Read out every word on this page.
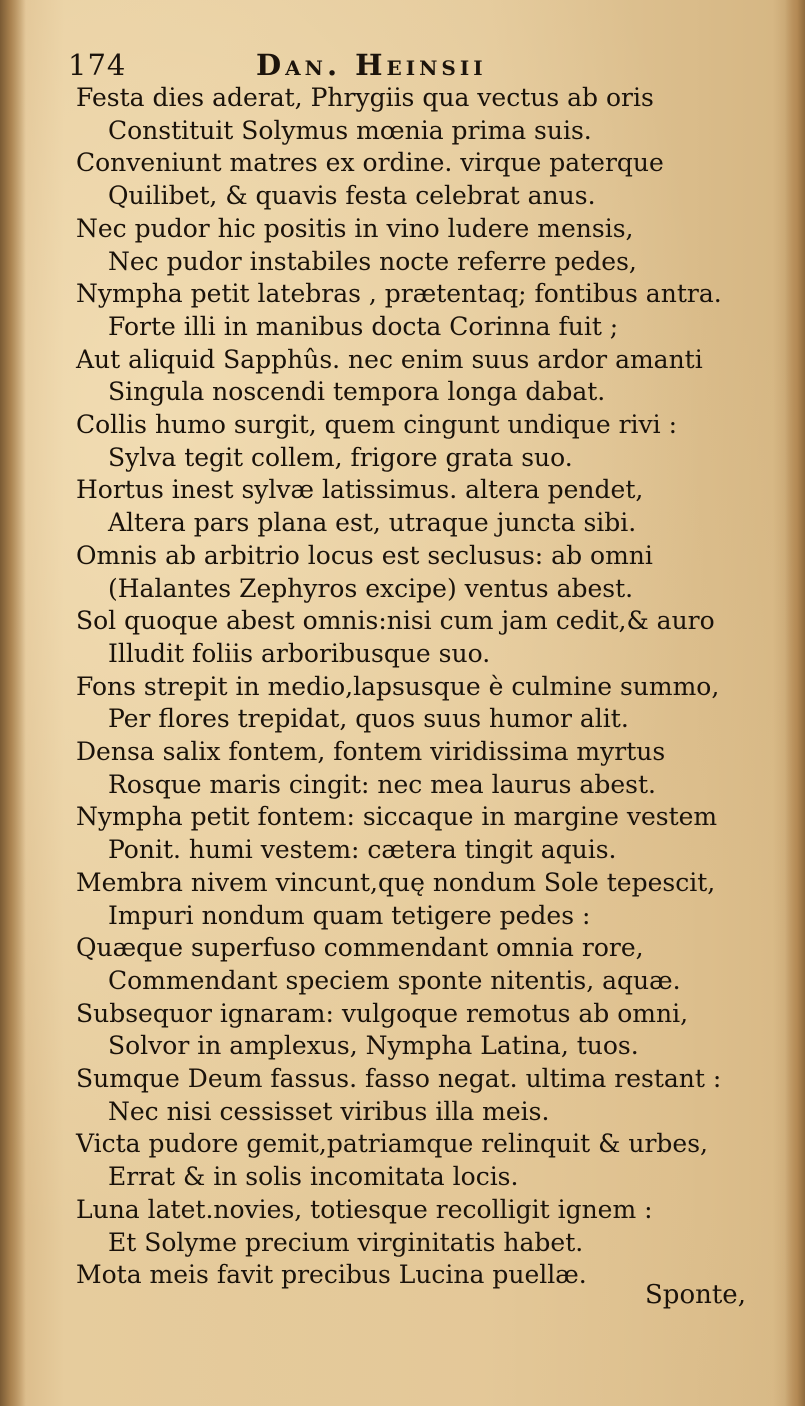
174	Dan. Heinsii
Festa dies aderat, Phrygiis qua vectus ab oris
Constituit Solymus mœnia prima suis.
Conveniunt matres ex ordine. virque paterque
Quilibet, & quavis festa celebrat anus.
Nec pudor hic positis in vino ludere mensis,
Nec pudor instabiles nocte referre pedes,
Nympha petit latebras , prætentaq; fontibus antra.
Forte illi in manibus docta Corinna fuit ;
Aut aliquid Sapphûs. nec enim suus ardor amanti
Singula noscendi tempora longa dabat.
Collis humo surgit, quem cingunt undique rivi :
Sylva tegit collem, frigore grata suo.
Hortus inest sylvæ latissimus. altera pendet,
Altera pars plana est, utraque juncta sibi.
Omnis ab arbitrio locus est seclusus: ab omni
(Halantes Zephyros excipe) ventus abest.
Sol quoque abest omnis:nisi cum jam cedit,& auro
Illudit foliis arboribusque suo.
Fons strepit in medio,lapsusque è culmine summo,
Per flores trepidat, quos suus humor alit.
Densa salix fontem, fontem viridissima myrtus
Rosque maris cingit: nec mea laurus abest.
Nympha petit fontem: siccaque in margine vestem
Ponit. humi vestem: cætera tingit aquis.
Membra nivem vincunt,quę nondum Sole tepescit,
Impuri nondum quam tetigere pedes :
Quæque superfuso commendant omnia rore,
Commendant speciem sponte nitentis, aquæ.
Subsequor ignaram: vulgoque remotus ab omni,
Solvor in amplexus, Nympha Latina, tuos.
Sumque Deum fassus. fasso negat. ultima restant :
Nec nisi cessisset viribus illa meis.
Victa pudore gemit,patriamque relinquit & urbes,
Errat & in solis incomitata locis.
Luna latet.novies, totiesque recolligit ignem :
Et Solyme precium virginitatis habet.
Mota meis favit precibus Lucina puellæ.
Sponte,
